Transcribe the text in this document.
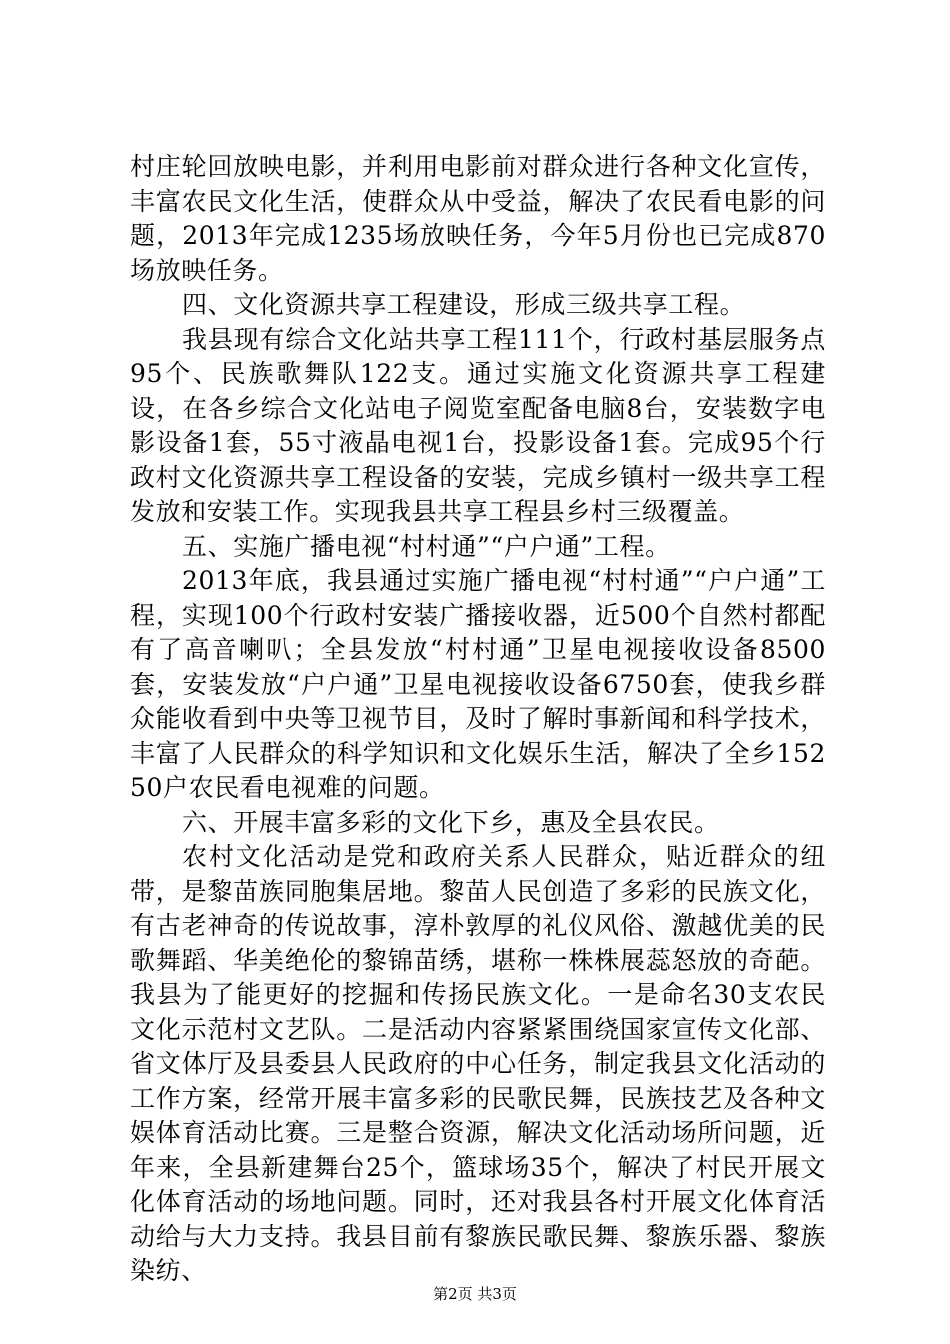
村庄轮回放映电影，并利用电影前对群众进行各种文化宣传，丰富农民文化生活，使群众从中受益，解决了农民看电影的问题，2013年完成1235场放映任务，今年5月份也已完成870场放映任务。

四、文化资源共享工程建设，形成三级共享工程。

我县现有综合文化站共享工程111个，行政村基层服务点95个、民族歌舞队122支。通过实施文化资源共享工程建设，在各乡综合文化站电子阅览室配备电脑8台，安装数字电影设备1套，55寸液晶电视1台，投影设备1套。完成95个行政村文化资源共享工程设备的安装，完成乡镇村一级共享工程发放和安装工作。实现我县共享工程县乡村三级覆盖。

五、实施广播电视“村村通”“户户通”工程。

2013年底，我县通过实施广播电视“村村通”“户户通”工程，实现100个行政村安装广播接收器，近500个自然村都配有了高音喇叭；全县发放“村村通”卫星电视接收设备8500套，安装发放“户户通”卫星电视接收设备6750套，使我乡群众能收看到中央等卫视节目，及时了解时事新闻和科学技术，丰富了人民群众的科学知识和文化娱乐生活，解决了全乡15250户农民看电视难的问题。

六、开展丰富多彩的文化下乡，惠及全县农民。

农村文化活动是党和政府关系人民群众，贴近群众的纽带，是黎苗族同胞集居地。黎苗人民创造了多彩的民族文化，有古老神奇的传说故事，淳朴敦厚的礼仪风俗、激越优美的民歌舞蹈、华美绝伦的黎锦苗绣，堪称一株株展蕊怒放的奇葩。我县为了能更好的挖掘和传扬民族文化。一是命名30支农民文化示范村文艺队。二是活动内容紧紧围绕国家宣传文化部、省文体厅及县委县人民政府的中心任务，制定我县文化活动的工作方案，经常开展丰富多彩的民歌民舞，民族技艺及各种文娱体育活动比赛。三是整合资源，解决文化活动场所问题，近年来，全县新建舞台25个，篮球场35个，解决了村民开展文化体育活动的场地问题。同时，还对我县各村开展文化体育活动给与大力支持。我县目前有黎族民歌民舞、黎族乐器、黎族染纺、

第2页 共3页
